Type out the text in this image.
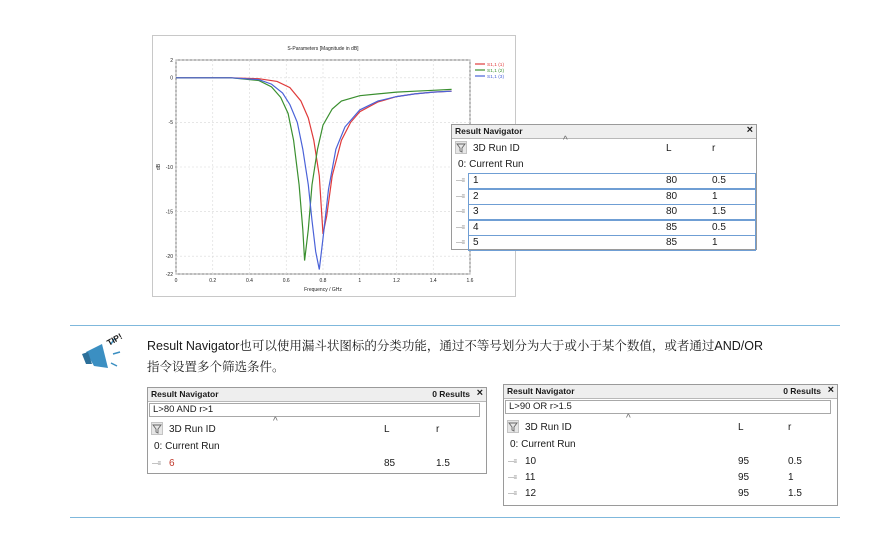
0	0.2	0.4	0.6	0.8	1	1.2	1.4	1.6
2
0
-5
-10
-15
-20
-22
S-Parameters [Magnitude in dB]
Frequency / GHz
dB
S1,1 (1)
S1,1 (2)
S1,1 (3)
Result Navigator	×
^
3D Run ID	L	r
0: Current Run
—≡ 1	80	0.5
—≡ 2	80	1
—≡ 3	80	1.5
—≡ 4	85	0.5
—≡ 5	85	1
TIP! Result Navigator也可以使用漏斗状图标的分类功能，通过不等号划分为大于或小于某个数值，或者通过AND/OR
指令设置多个筛选条件。
Result Navigator	0 Results ×
L>80 AND r>1
^
3D Run ID	L	r
0: Current Run
—≡ 6	85	1.5
Result Navigator	0 Results ×
L>90 OR r>1.5
^
3D Run ID	L	r
0: Current Run
—≡ 10	95	0.5
—≡ 11	95	1
—≡ 12	95	1.5
